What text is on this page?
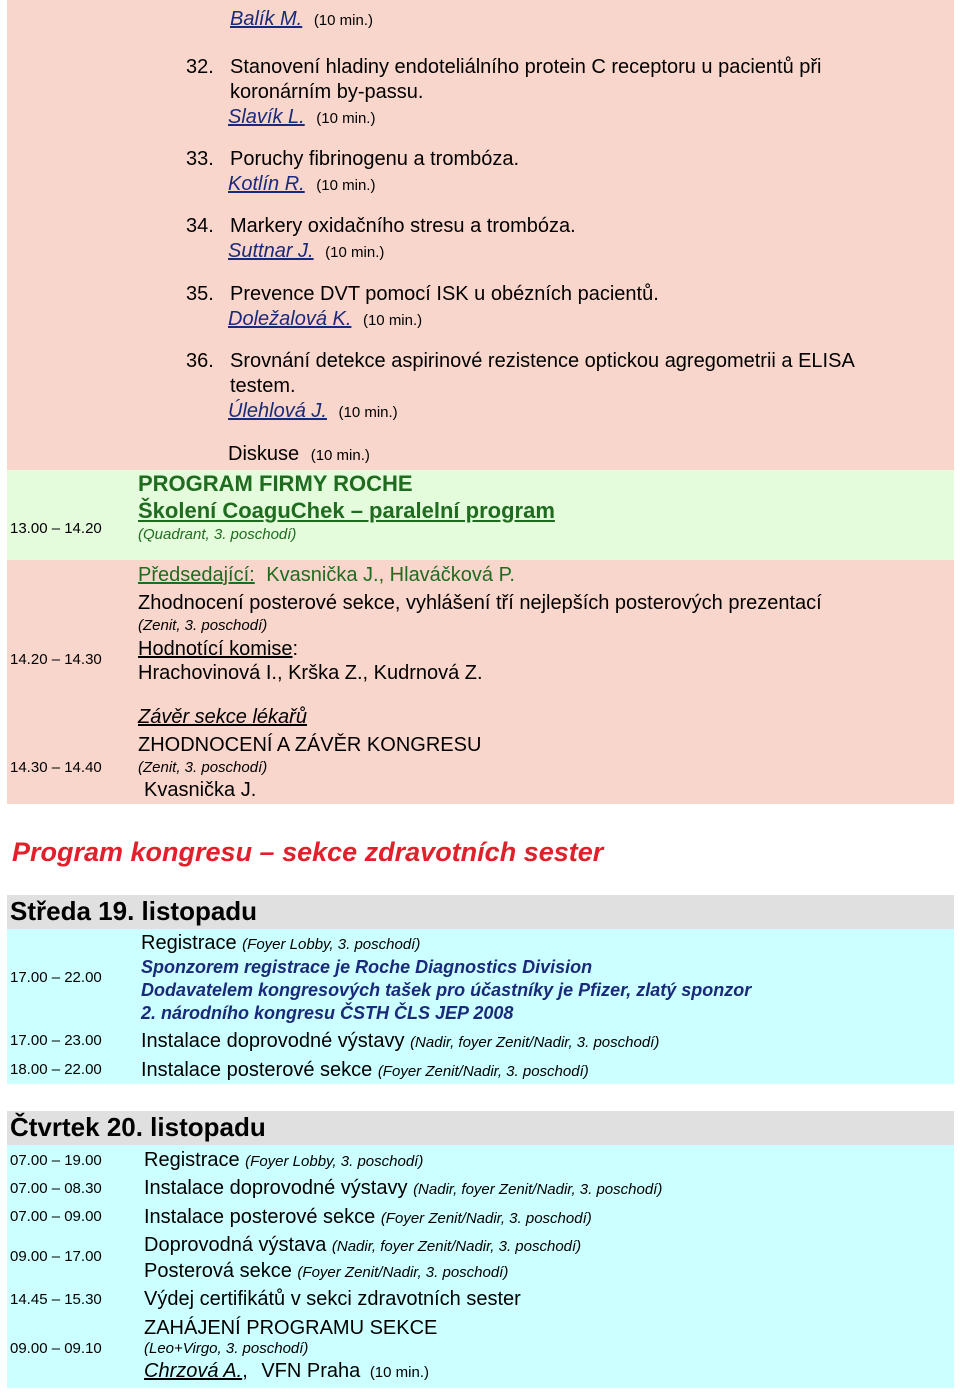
Balík M. (10 min.)
32. Stanovení hladiny endoteliálního protein C receptoru u pacientů při
koronárním by-passu.
Slavík L. (10 min.)
33. Poruchy fibrinogenu a trombóza.
Kotlín R. (10 min.)
34. Markery oxidačního stresu a trombóza.
Suttnar J. (10 min.)
35. Prevence DVT pomocí ISK u obézních pacientů.
Doležalová K. (10 min.)
36. Srovnání detekce aspirinové rezistence optickou agregometrii a ELISA
testem.
Úlehlová J. (10 min.)
Diskuse (10 min.)
13.00 – 14.20
PROGRAM FIRMY ROCHE
Školení CoaguChek – paralelní program
(Quadrant, 3. poschodí)
14.20 – 14.30
Předsedající: Kvasnička J., Hlaváčková P.
Zhodnocení posterové sekce, vyhlášení tří nejlepších posterových prezentací
(Zenit, 3. poschodí)
Hodnotící komise:
Hrachovinová I., Krška Z., Kudrnová Z.
14.30 – 14.40
Závěr sekce lékařů
ZHODNOCENÍ A ZÁVĚR KONGRESU
(Zenit, 3. poschodí)
Kvasnička J.
Program kongresu – sekce zdravotních sester
Středa 19. listopadu
17.00 – 22.00
Registrace (Foyer Lobby, 3. poschodí)
Sponzorem registrace je Roche Diagnostics Division
Dodavatelem kongresových tašek pro účastníky je Pfizer, zlatý sponzor
2. národního kongresu ČSTH ČLS JEP 2008
17.00 – 23.00 Instalace doprovodné výstavy (Nadir, foyer Zenit/Nadir, 3. poschodí)
18.00 – 22.00 Instalace posterové sekce (Foyer Zenit/Nadir, 3. poschodí)
Čtvrtek 20. listopadu
07.00 – 19.00 Registrace (Foyer Lobby, 3. poschodí)
07.00 – 08.30 Instalace doprovodné výstavy (Nadir, foyer Zenit/Nadir, 3. poschodí)
07.00 – 09.00 Instalace posterové sekce (Foyer Zenit/Nadir, 3. poschodí)
09.00 – 17.00
Doprovodná výstava (Nadir, foyer Zenit/Nadir, 3. poschodí)
Posterová sekce (Foyer Zenit/Nadir, 3. poschodí)
14.45 – 15.30 Výdej certifikátů v sekci zdravotních sester
09.00 – 09.10
ZAHÁJENÍ PROGRAMU SEKCE
(Leo+Virgo, 3. poschodí)
Chrzová A., VFN Praha (10 min.)
